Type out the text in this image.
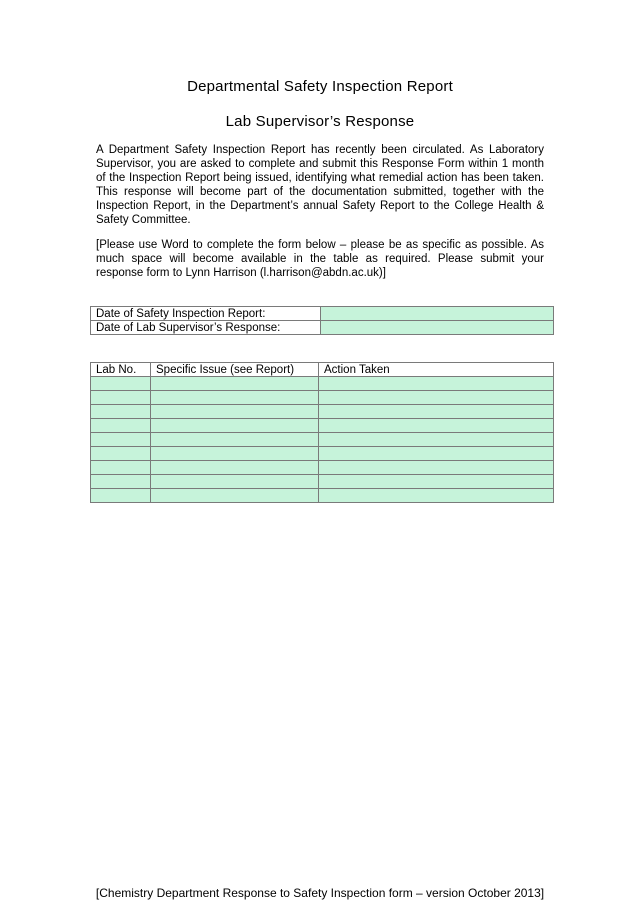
Departmental Safety Inspection Report
Lab Supervisor’s Response
A Department Safety Inspection Report has recently been circulated. As Laboratory Supervisor, you are asked to complete and submit this Response Form within 1 month of the Inspection Report being issued, identifying what remedial action has been taken. This response will become part of the documentation submitted, together with the Inspection Report, in the Department’s annual Safety Report to the College Health & Safety Committee.
[Please use Word to complete the form below – please be as specific as possible. As much space will become available in the table as required. Please submit your response form to Lynn Harrison (l.harrison@abdn.ac.uk)]
Date of Safety Inspection Report:	
Date of Lab Supervisor’s Response:	
Lab No.	Specific Issue (see Report)	Action Taken

[Chemistry Department Response to Safety Inspection form – version October 2013]
